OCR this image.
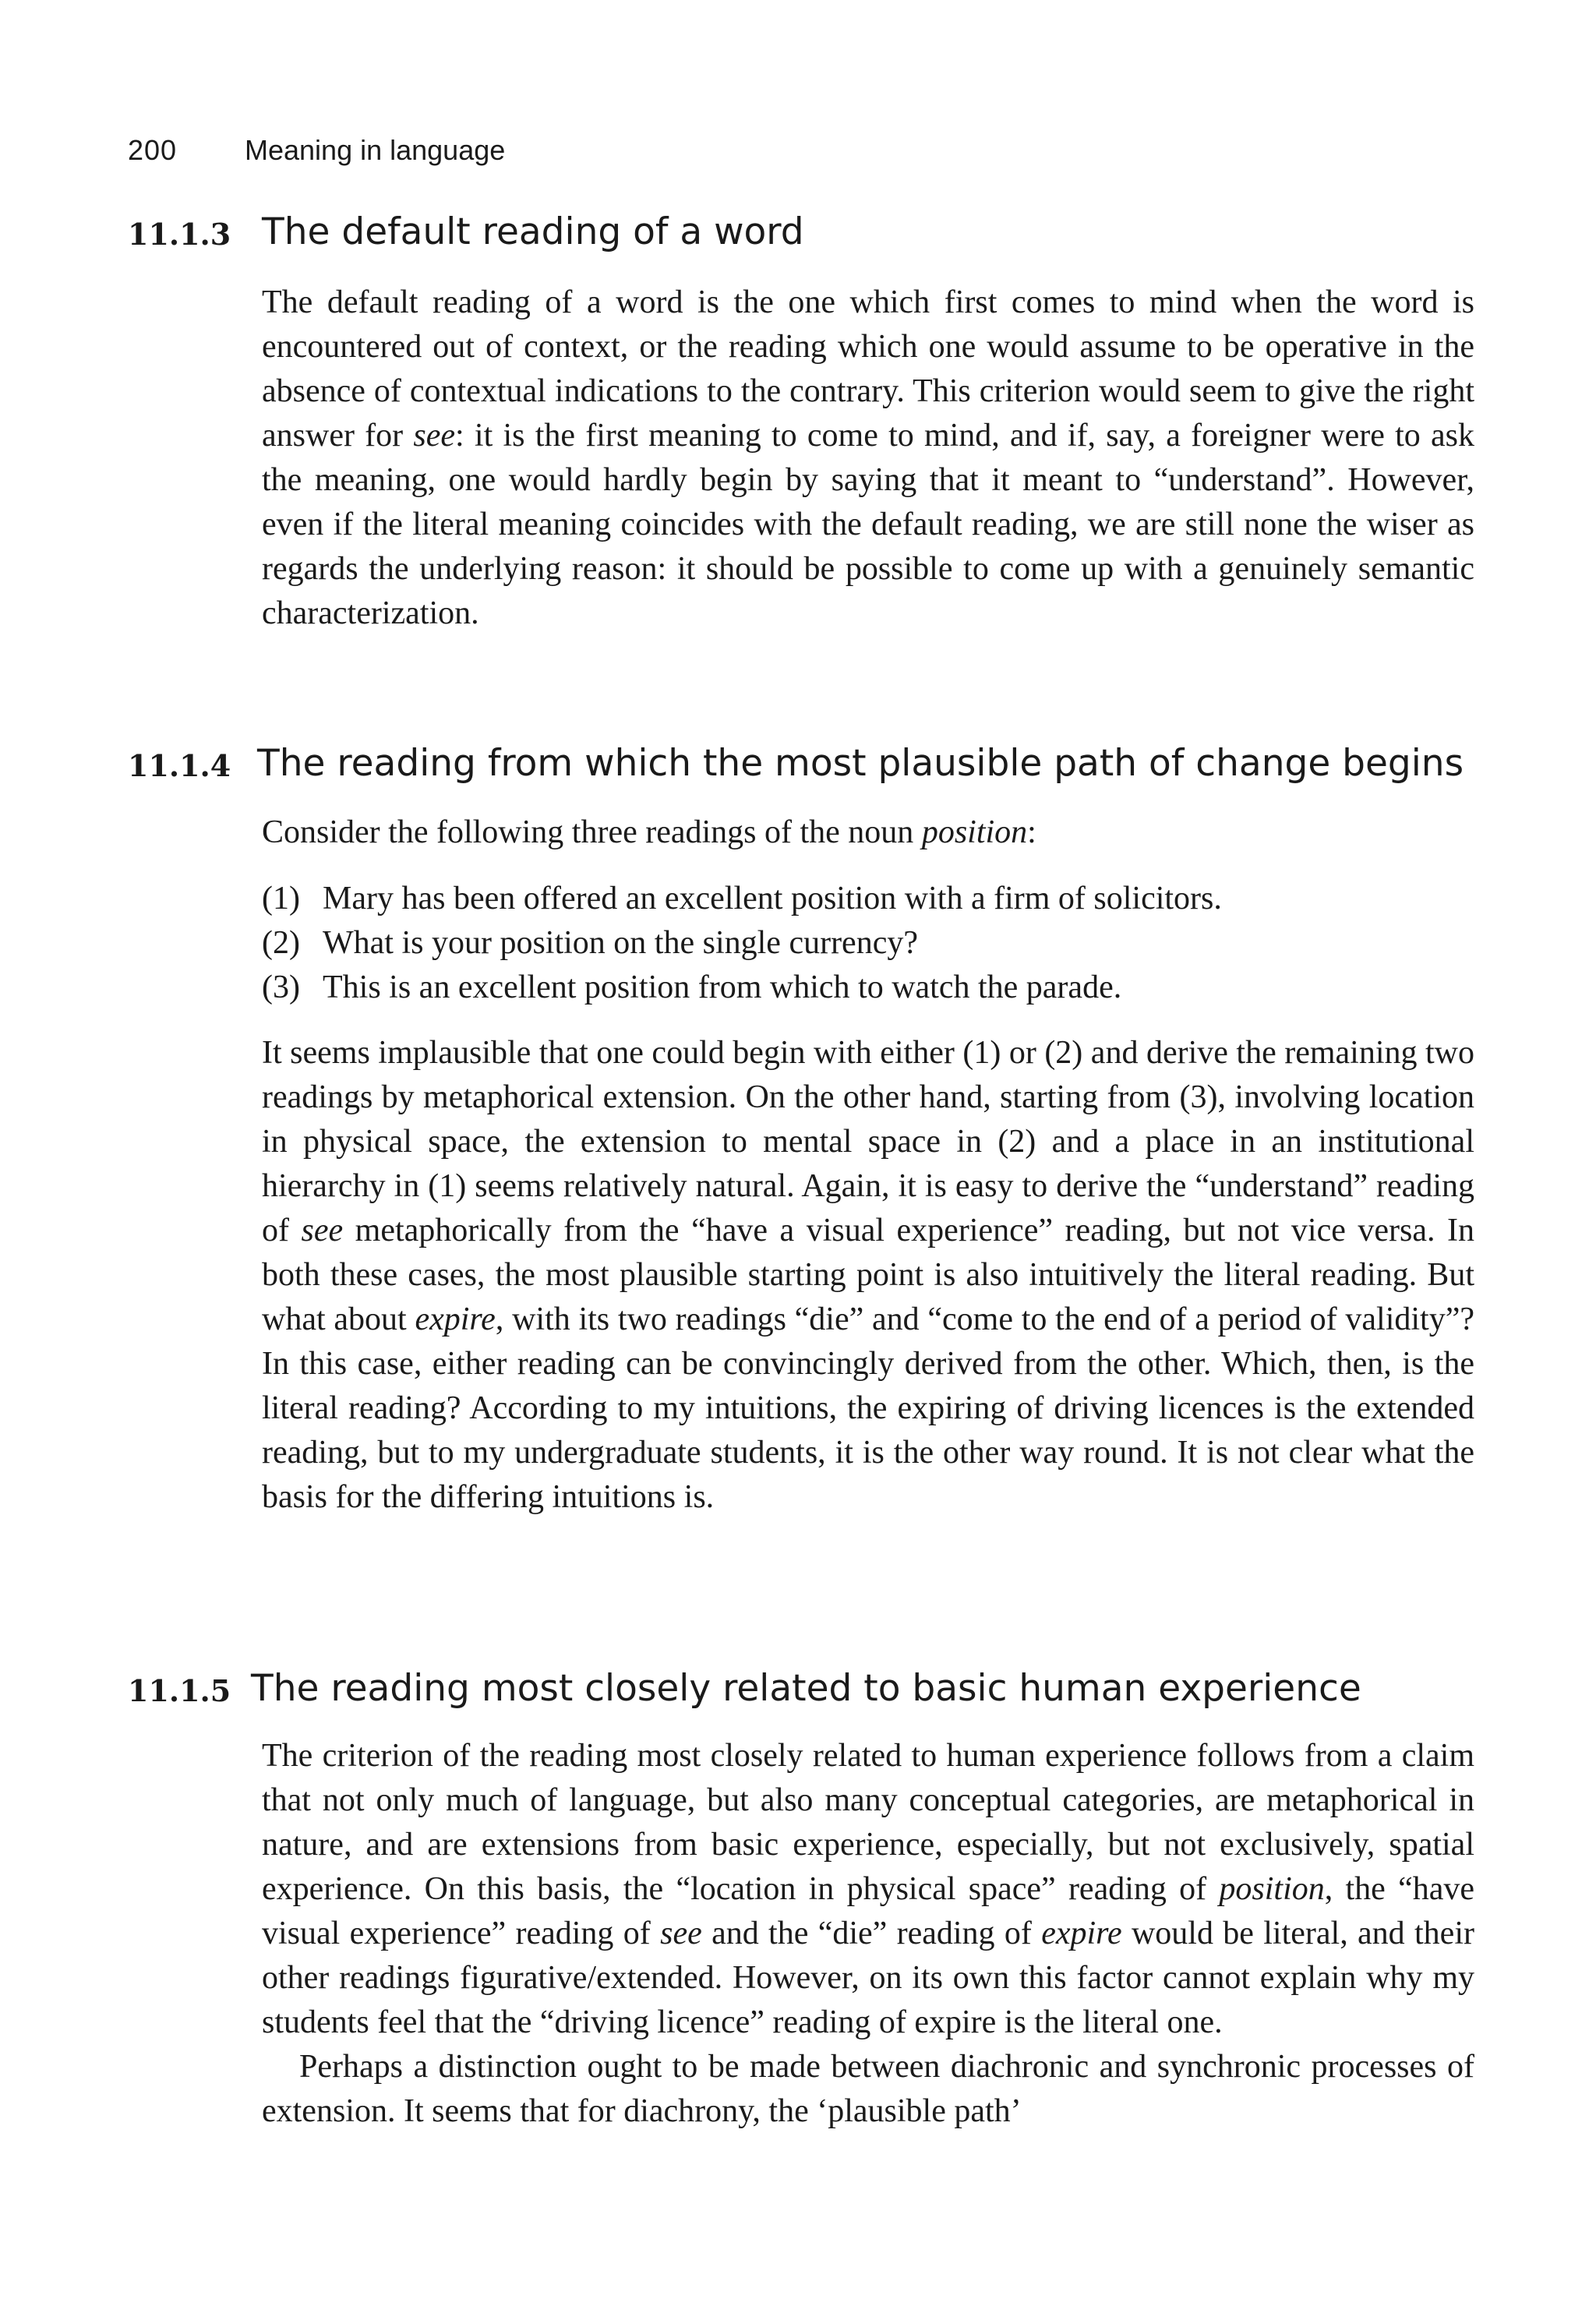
200 Meaning in language
11.1.3 The default reading of a word

The default reading of a word is the one which first comes to mind when the word is encountered out of context, or the reading which one would assume to be operative in the absence of contextual indications to the contrary. This criterion would seem to give the right answer for see: it is the first meaning to come to mind, and if, say, a foreigner were to ask the meaning, one would hardly begin by saying that it meant to “understand”. However, even if the literal meaning coincides with the default reading, we are still none the wiser as regards the underlying reason: it should be possible to come up with a genuinely semantic characterization.

11.1.4 The reading from which the most plausible path of change begins

Consider the following three readings of the noun position:

(1) Mary has been offered an excellent position with a firm of solicitors.
(2) What is your position on the single currency?
(3) This is an excellent position from which to watch the parade.

It seems implausible that one could begin with either (1) or (2) and derive the remaining two readings by metaphorical extension. On the other hand, starting from (3), involving location in physical space, the extension to mental space in (2) and a place in an institutional hierarchy in (1) seems relatively natural. Again, it is easy to derive the “understand” reading of see metaphorically from the “have a visual experience” reading, but not vice versa. In both these cases, the most plausible starting point is also intuitively the literal reading. But what about expire, with its two readings “die” and “come to the end of a period of validity”? In this case, either reading can be convincingly derived from the other. Which, then, is the literal reading? According to my intuitions, the expiring of driving licences is the extended reading, but to my undergraduate students, it is the other way round. It is not clear what the basis for the differing intuitions is.

11.1.5 The reading most closely related to basic human experience

The criterion of the reading most closely related to human experience follows from a claim that not only much of language, but also many conceptual categories, are metaphorical in nature, and are extensions from basic experience, especially, but not exclusively, spatial experience. On this basis, the “location in physical space” reading of position, the “have visual experience” reading of see and the “die” reading of expire would be literal, and their other readings figurative/extended. However, on its own this factor cannot explain why my students feel that the “driving licence” reading of expire is the literal one.

Perhaps a distinction ought to be made between diachronic and synchronic processes of extension. It seems that for diachrony, the ‘plausible path’
